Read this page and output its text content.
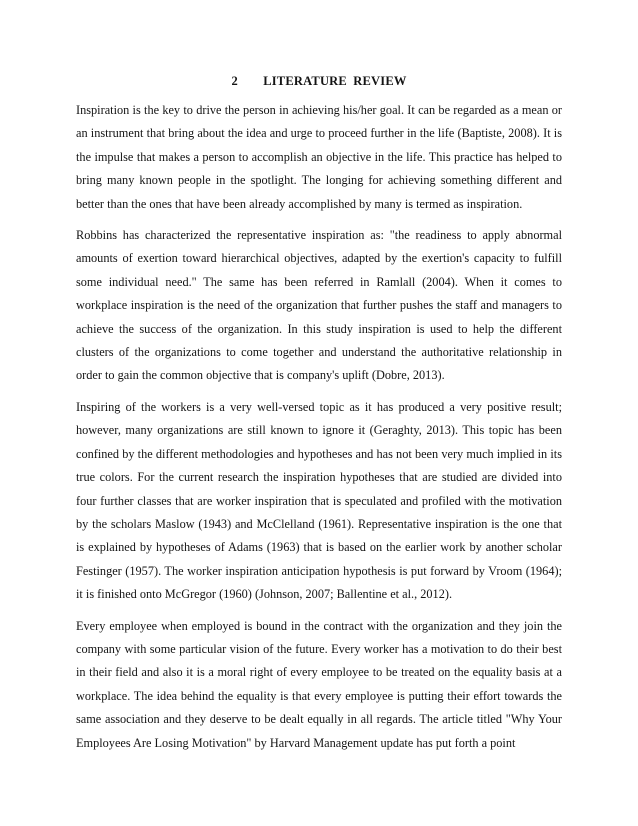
2 LITERATURE REVIEW

Inspiration is the key to drive the person in achieving his/her goal. It can be regarded as a mean or an instrument that bring about the idea and urge to proceed further in the life (Baptiste, 2008). It is the impulse that makes a person to accomplish an objective in the life. This practice has helped to bring many known people in the spotlight. The longing for achieving something different and better than the ones that have been already accomplished by many is termed as inspiration.

Robbins has characterized the representative inspiration as: "the readiness to apply abnormal amounts of exertion toward hierarchical objectives, adapted by the exertion's capacity to fulfill some individual need." The same has been referred in Ramlall (2004). When it comes to workplace inspiration is the need of the organization that further pushes the staff and managers to achieve the success of the organization. In this study inspiration is used to help the different clusters of the organizations to come together and understand the authoritative relationship in order to gain the common objective that is company's uplift (Dobre, 2013).

Inspiring of the workers is a very well-versed topic as it has produced a very positive result; however, many organizations are still known to ignore it (Geraghty, 2013). This topic has been confined by the different methodologies and hypotheses and has not been very much implied in its true colors. For the current research the inspiration hypotheses that are studied are divided into four further classes that are worker inspiration that is speculated and profiled with the motivation by the scholars Maslow (1943) and McClelland (1961). Representative inspiration is the one that is explained by hypotheses of Adams (1963) that is based on the earlier work by another scholar Festinger (1957). The worker inspiration anticipation hypothesis is put forward by Vroom (1964); it is finished onto McGregor (1960) (Johnson, 2007; Ballentine et al., 2012).

Every employee when employed is bound in the contract with the organization and they join the company with some particular vision of the future. Every worker has a motivation to do their best in their field and also it is a moral right of every employee to be treated on the equality basis at a workplace. The idea behind the equality is that every employee is putting their effort towards the same association and they deserve to be dealt equally in all regards. The article titled "Why Your Employees Are Losing Motivation" by Harvard Management update has put forth a point
